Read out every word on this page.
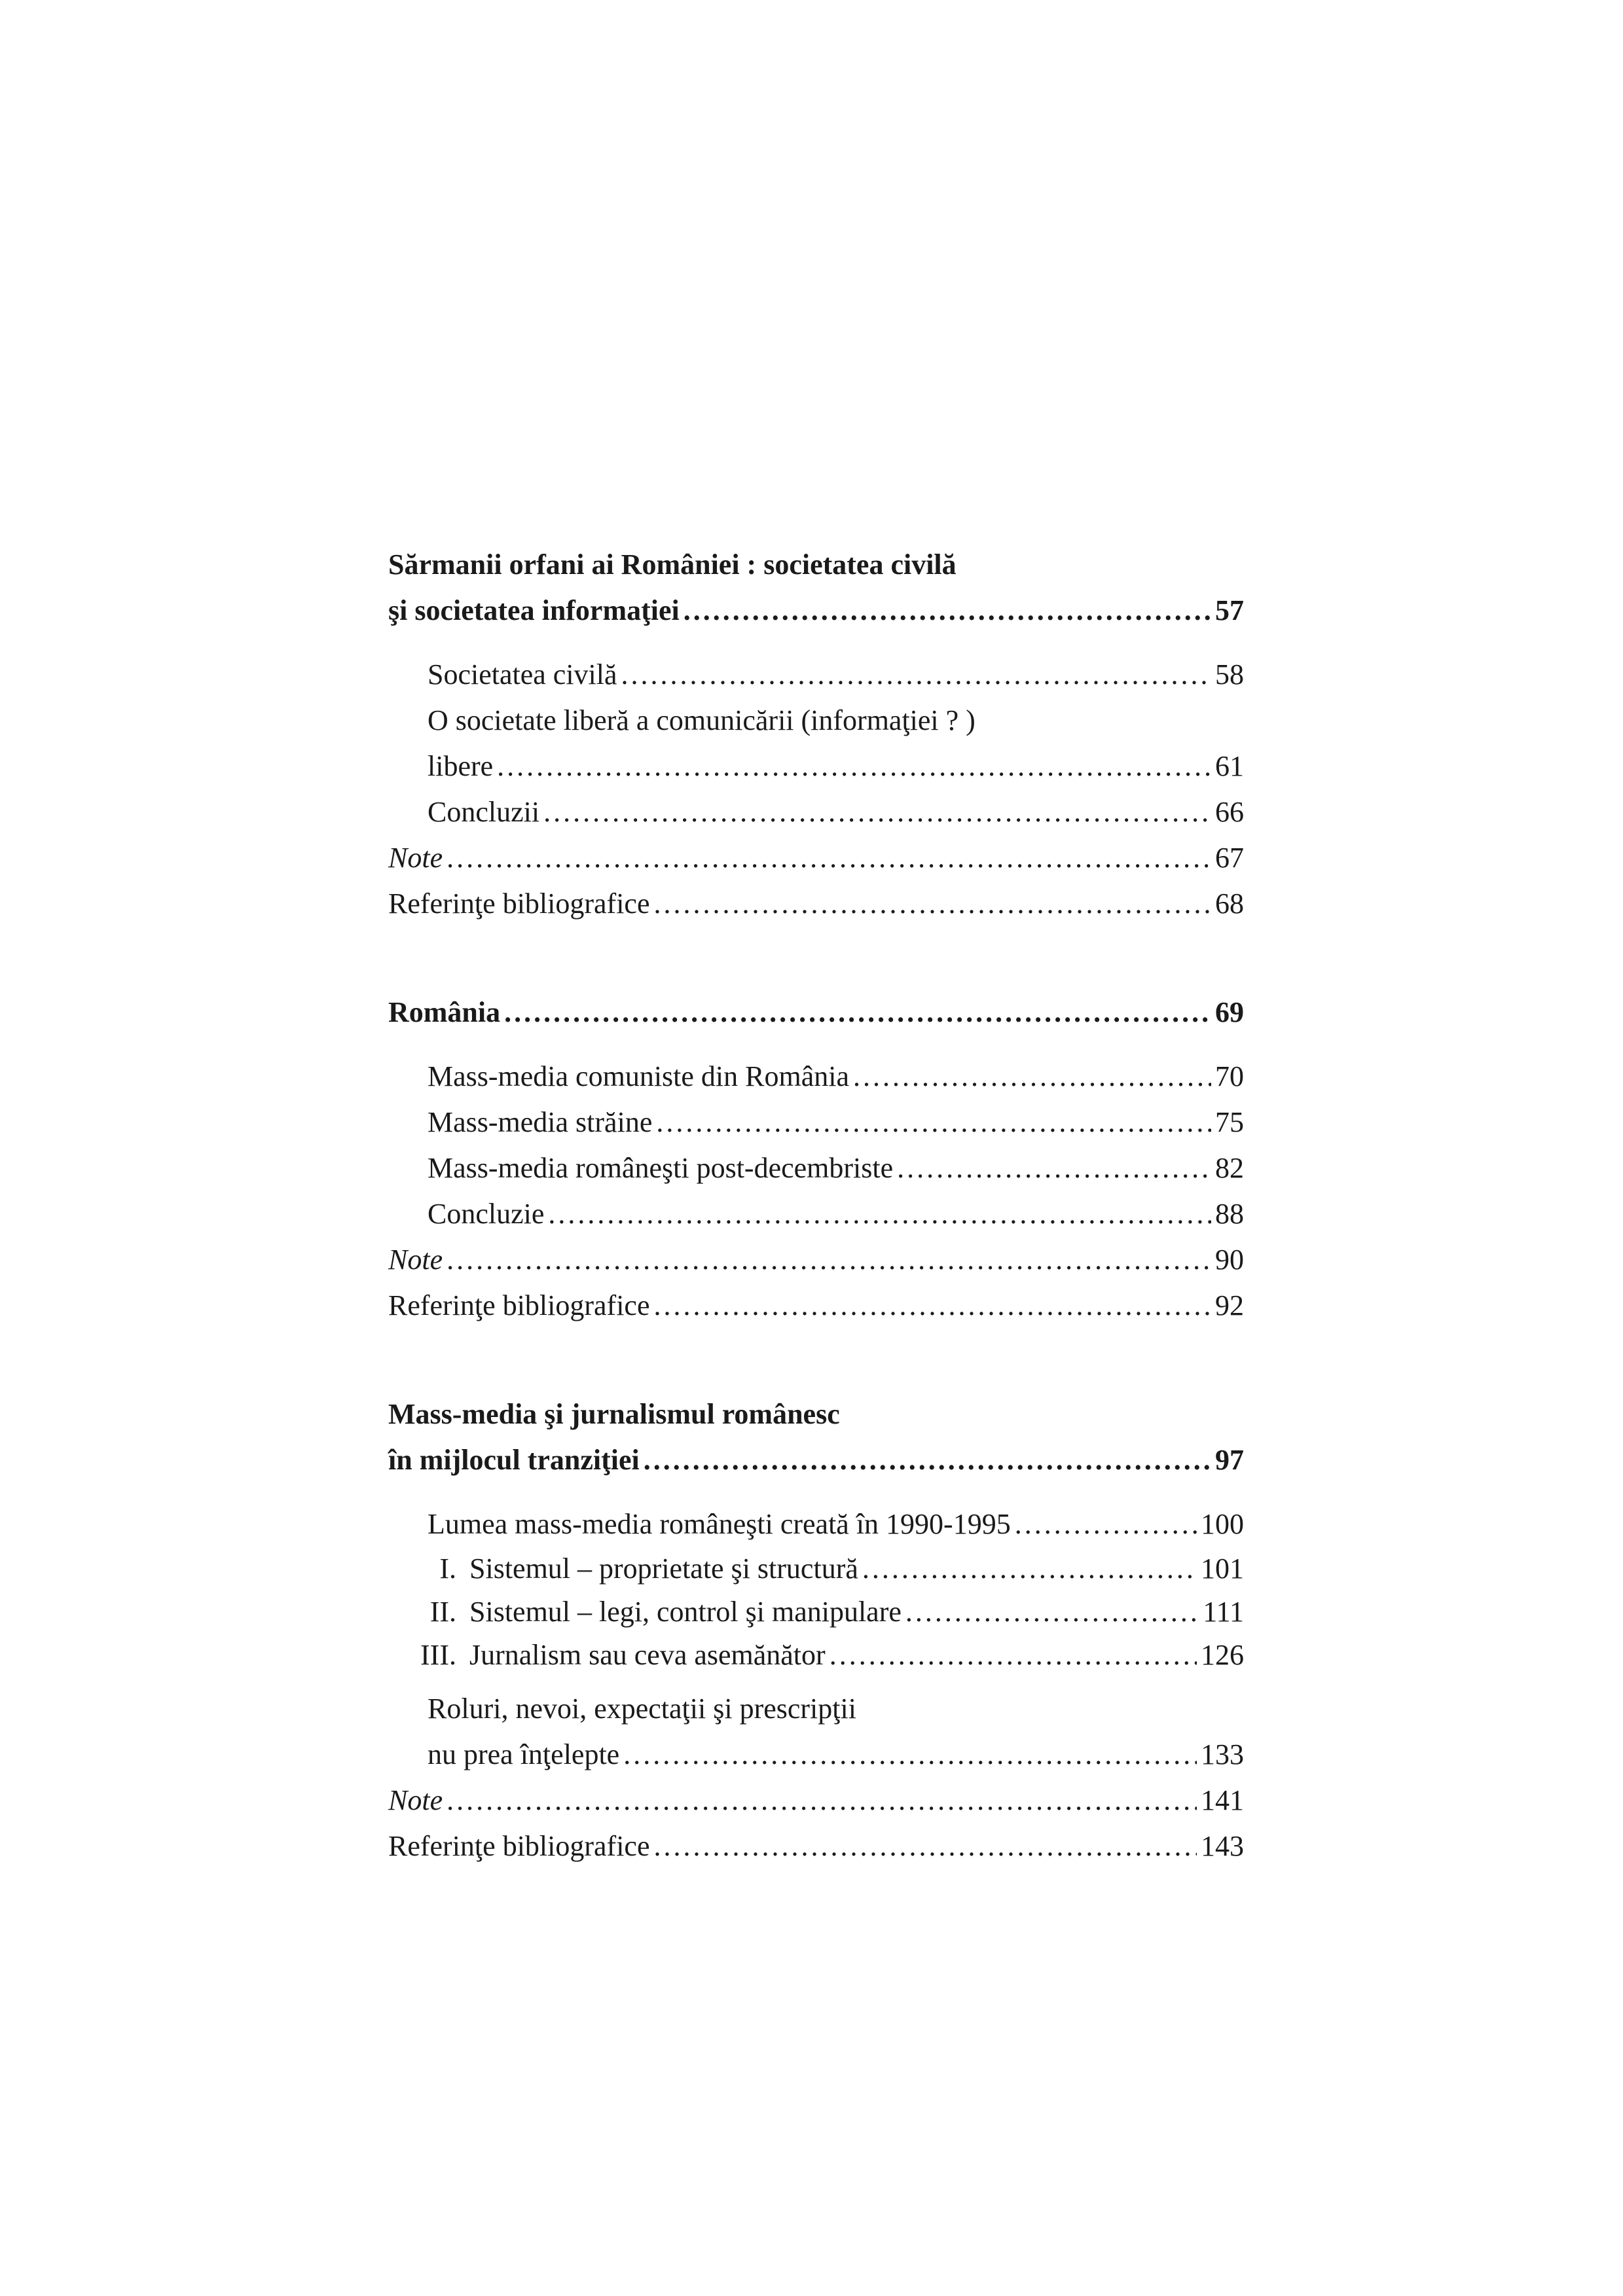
Sărmanii orfani ai României : societatea civilă
şi societatea informaţiei .....	57
Societatea civilă .....	58
O societate liberă a comunicării (informaţiei ? )
libere .....	61
Concluzii .....	66
Note .....	67
Referinţe bibliografice .....	68
România .....	69
Mass-media comuniste din România .....	70
Mass-media străine .....	75
Mass-media româneşti post-decembriste .....	82
Concluzie .....	88
Note .....	90
Referinţe bibliografice .....	92
Mass-media şi jurnalismul românesc
în mijlocul tranziţiei .....	97
Lumea mass-media româneşti creată în 1990-1995 .....	100
I. Sistemul – proprietate şi structură .....	101
II. Sistemul – legi, control şi manipulare .....	111
III. Jurnalism sau ceva asemănător .....	126
Roluri, nevoi, expectaţii şi prescripţii
nu prea înţelepte .....	133
Note .....	141
Referinţe bibliografice .....	143
